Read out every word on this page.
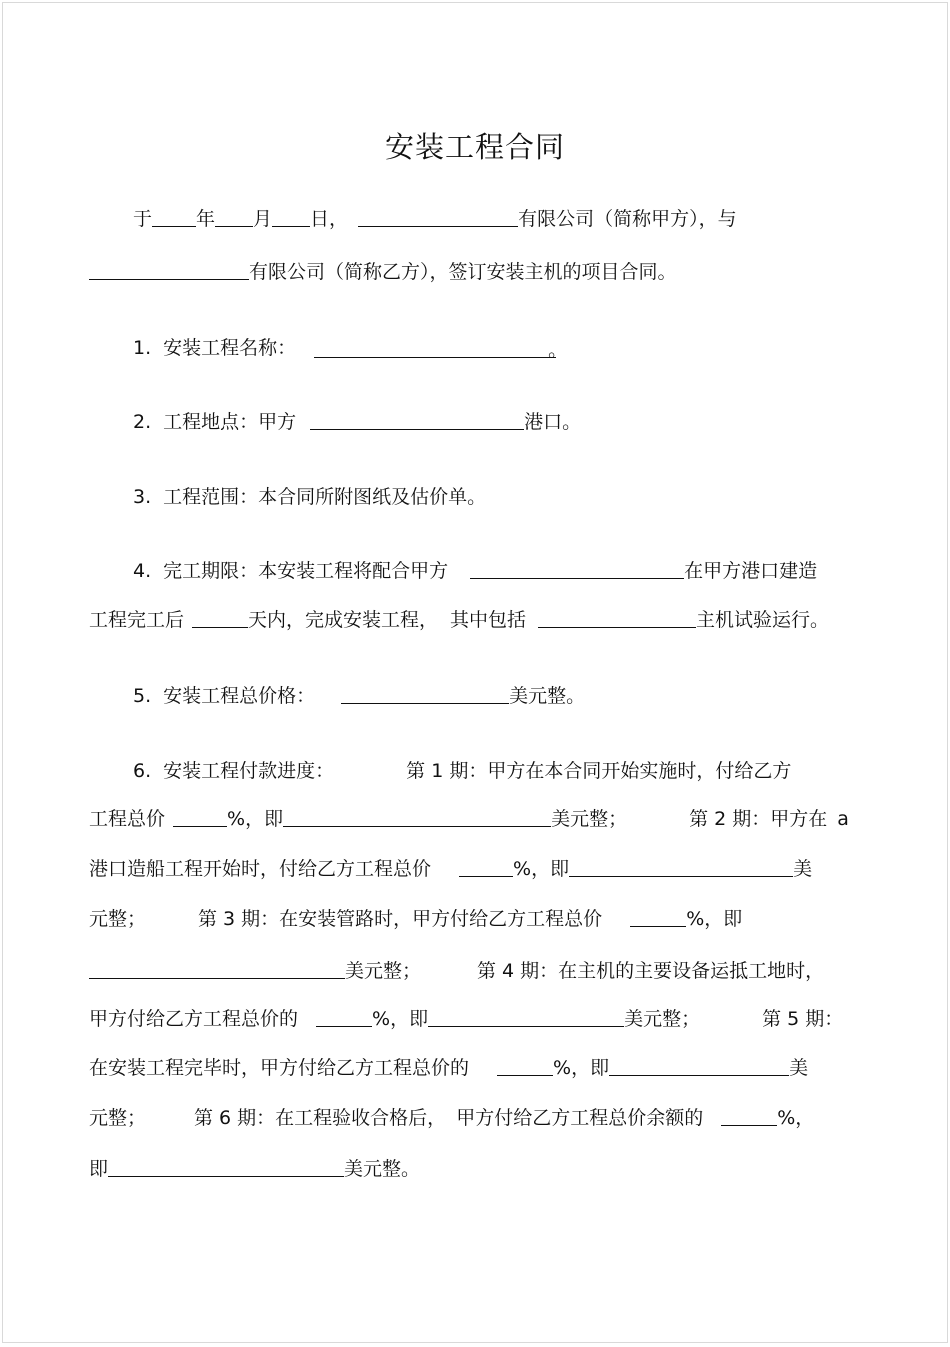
安装工程合同
于 年 月 日，	有限公司（简称甲方），与
有限公司（简称乙方），签订安装主机的项目合同。
1. 安装工程名称：	。
2. 工程地点：甲方	港口。
3. 工程范围：本合同所附图纸及估价单。
4. 完工期限：本安装工程将配合甲方	在甲方港口建造
工程完工后	天内，完成安装工程， 其中包括	主机试验运行。
5. 安装工程总价格：	美元整。
6. 安装工程付款进度：	第 1 期：甲方在本合同开始实施时，付给乙方
工程总价	%，即	美元整；	第 2 期：甲方在 a
港口造船工程开始时，付给乙方工程总价	%，即	美
元整；	第 3 期：在安装管路时，甲方付给乙方工程总价	%，即
美元整；	第 4 期：在主机的主要设备运抵工地时，
甲方付给乙方工程总价的	%，即	美元整；	第 5 期：
在安装工程完毕时，甲方付给乙方工程总价的	%，即	美
元整；	第 6 期：在工程验收合格后， 甲方付给乙方工程总价余额的	%，
即	美元整。
